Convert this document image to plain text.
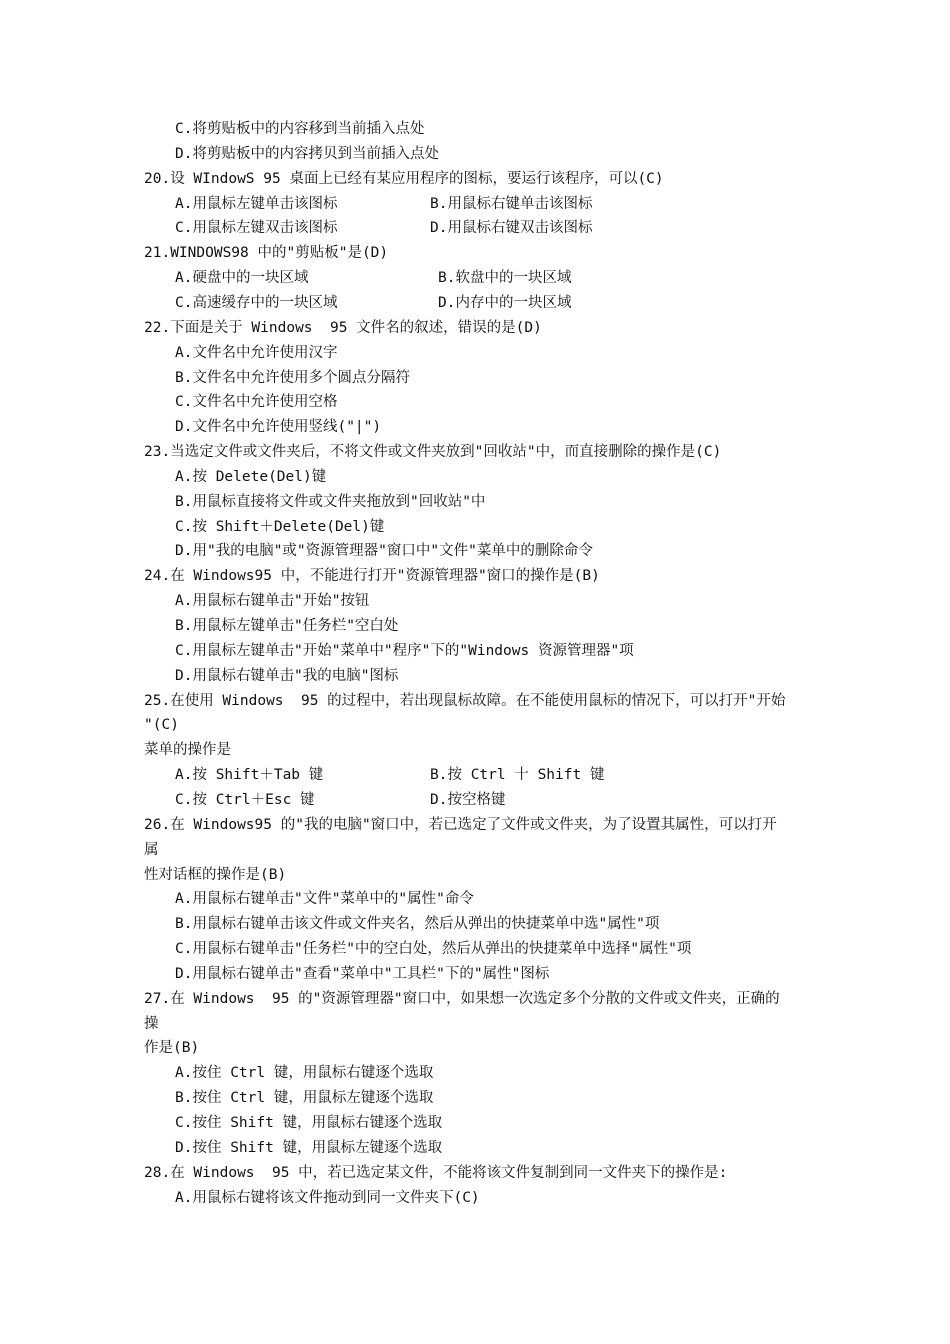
C.将剪贴板中的内容移到当前插入点处
D.将剪贴板中的内容拷贝到当前插入点处
20.设 WIndowS 95 桌面上已经有某应用程序的图标，要运行该程序，可以(C)
A.用鼠标左键单击该图标	B.用鼠标右键单击该图标
C.用鼠标左键双击该图标	D.用鼠标右键双击该图标
21.WINDOWS98 中的"剪贴板"是(D)
A.硬盘中的一块区域	B.软盘中的一块区域
C.高速缓存中的一块区域	D.内存中的一块区域
22.下面是关于 Windows  95 文件名的叙述，错误的是(D)
A.文件名中允许使用汉字
B.文件名中允许使用多个圆点分隔符
C.文件名中允许使用空格
D.文件名中允许使用竖线("|")
23.当选定文件或文件夹后，不将文件或文件夹放到"回收站"中，而直接删除的操作是(C)
A.按 Delete(Del)键
B.用鼠标直接将文件或文件夹拖放到"回收站"中
C.按 Shift＋Delete(Del)键
D.用"我的电脑"或"资源管理器"窗口中"文件"菜单中的删除命令
24.在 Windows95 中，不能进行打开"资源管理器"窗口的操作是(B)
A.用鼠标右键单击"开始"按钮
B.用鼠标左键单击"任务栏"空白处
C.用鼠标左键单击"开始"菜单中"程序"下的"Windows 资源管理器"项
D.用鼠标右键单击"我的电脑"图标
25.在使用 Windows  95 的过程中，若出现鼠标故障。在不能使用鼠标的情况下，可以打开"开始
"(C)
菜单的操作是
A.按 Shift＋Tab 键	B.按 Ctrl 十 Shift 键
C.按 Ctrl＋Esc 键	D.按空格键
26.在 Windows95 的"我的电脑"窗口中，若已选定了文件或文件夹，为了设置其属性，可以打开
属
性对话框的操作是(B)
A.用鼠标右键单击"文件"菜单中的"属性"命令
B.用鼠标右键单击该文件或文件夹名，然后从弹出的快捷菜单中选"属性"项
C.用鼠标右键单击"任务栏"中的空白处，然后从弹出的快捷菜单中选择"属性"项
D.用鼠标右键单击"查看"菜单中"工具栏"下的"属性"图标
27.在 Windows  95 的"资源管理器"窗口中，如果想一次选定多个分散的文件或文件夹，正确的
操
作是(B)
A.按住 Ctrl 键，用鼠标右键逐个选取
B.按住 Ctrl 键，用鼠标左键逐个选取
C.按住 Shift 键，用鼠标右键逐个选取
D.按住 Shift 键，用鼠标左键逐个选取
28.在 Windows  95 中，若已选定某文件，不能将该文件复制到同一文件夹下的操作是:
A.用鼠标右键将该文件拖动到同一文件夹下(C)
